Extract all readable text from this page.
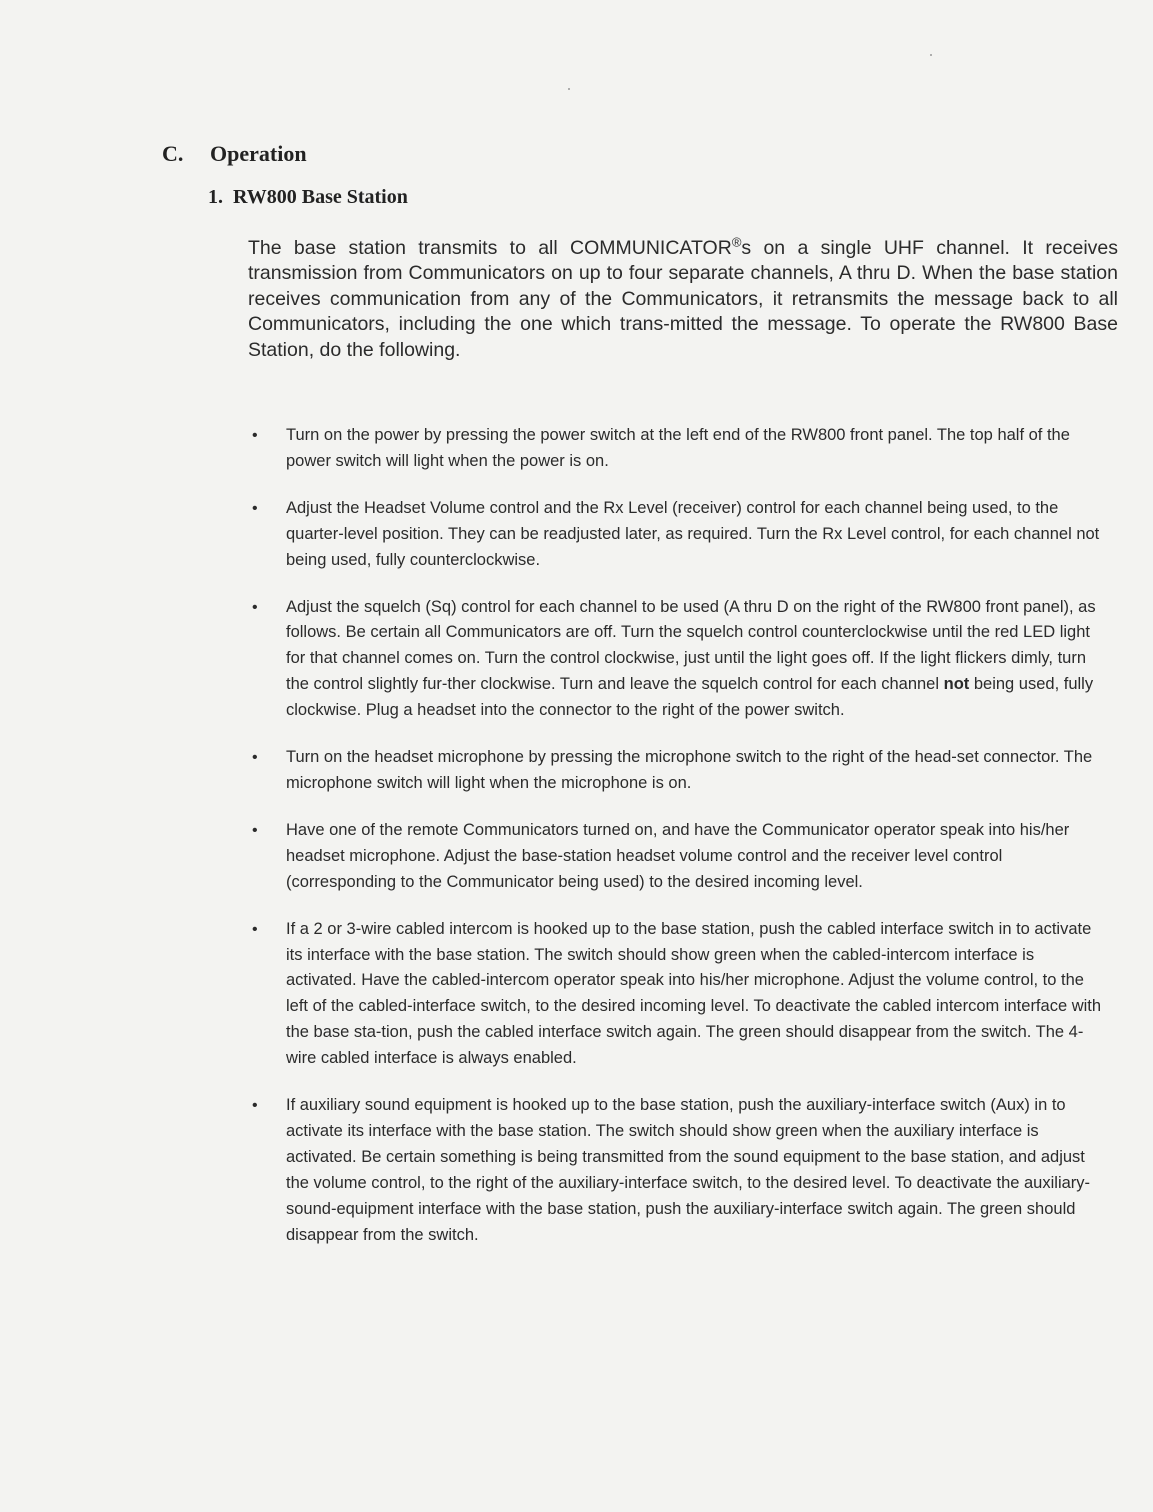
C. Operation
1. RW800 Base Station

The base station transmits to all COMMUNICATOR®s on a single UHF channel. It receives transmission from Communicators on up to four separate channels, A thru D. When the base station receives communication from any of the Communicators, it retransmits the message back to all Communicators, including the one which trans-mitted the message. To operate the RW800 Base Station, do the following.

• Turn on the power by pressing the power switch at the left end of the RW800 front panel. The top half of the power switch will light when the power is on.
• Adjust the Headset Volume control and the Rx Level (receiver) control for each channel being used, to the quarter-level position. They can be readjusted later, as required. Turn the Rx Level control, for each channel not being used, fully counterclockwise.
• Adjust the squelch (Sq) control for each channel to be used (A thru D on the right of the RW800 front panel), as follows. Be certain all Communicators are off. Turn the squelch control counterclockwise until the red LED light for that channel comes on. Turn the control clockwise, just until the light goes off. If the light flickers dimly, turn the control slightly fur-ther clockwise. Turn and leave the squelch control for each channel not being used, fully clockwise. Plug a headset into the connector to the right of the power switch.
• Turn on the headset microphone by pressing the microphone switch to the right of the head-set connector. The microphone switch will light when the microphone is on.
• Have one of the remote Communicators turned on, and have the Communicator operator speak into his/her headset microphone. Adjust the base-station headset volume control and the receiver level control (corresponding to the Communicator being used) to the desired incoming level.
• If a 2 or 3-wire cabled intercom is hooked up to the base station, push the cabled interface switch in to activate its interface with the base station. The switch should show green when the cabled-intercom interface is activated. Have the cabled-intercom operator speak into his/her microphone. Adjust the volume control, to the left of the cabled-interface switch, to the desired incoming level. To deactivate the cabled intercom interface with the base sta-tion, push the cabled interface switch again. The green should disappear from the switch. The 4-wire cabled interface is always enabled.
• If auxiliary sound equipment is hooked up to the base station, push the auxiliary-interface switch (Aux) in to activate its interface with the base station. The switch should show green when the auxiliary interface is activated. Be certain something is being transmitted from the sound equipment to the base station, and adjust the volume control, to the right of the auxiliary-interface switch, to the desired level. To deactivate the auxiliary-sound-equipment interface with the base station, push the auxiliary-interface switch again. The green should disappear from the switch.
